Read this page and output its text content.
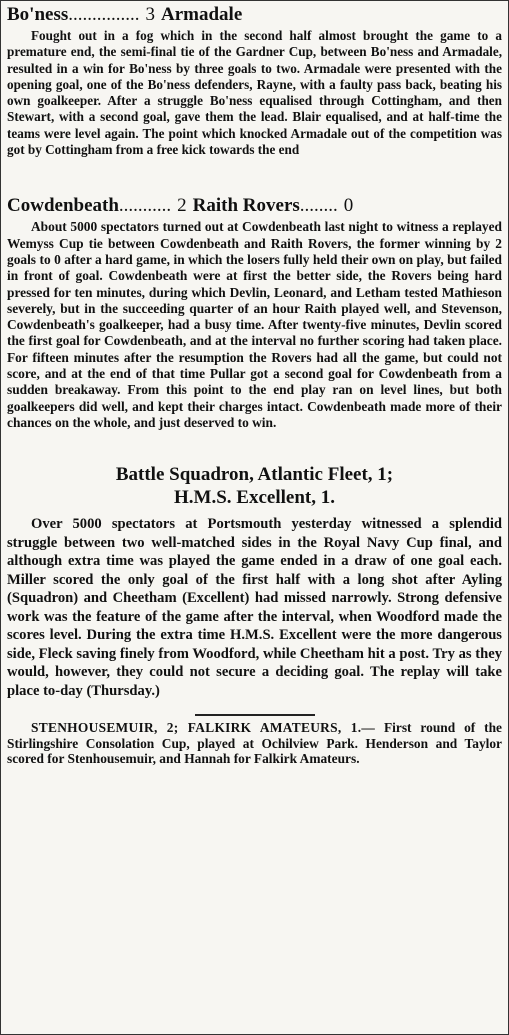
Bo'ness............... 3 Armadale

Fought out in a fog which in the second half almost brought the game to a premature end, the semi-final tie of the Gardner Cup, between Bo'ness and Armadale, resulted in a win for Bo'ness by three goals to two. Armadale were presented with the opening goal, one of the Bo'ness defenders, Rayne, with a faulty pass back, beating his own goalkeeper. After a struggle Bo'ness equalised through Cottingham, and then Stewart, with a second goal, gave them the lead. Blair equalised, and at half-time the teams were level again. The point which knocked Armadale out of the competition was got by Cottingham from a free kick towards the end

Cowdenbeath........... 2 Raith Rovers........ 0

About 5000 spectators turned out at Cowdenbeath last night to witness a replayed Wemyss Cup tie between Cowdenbeath and Raith Rovers, the former winning by 2 goals to 0 after a hard game, in which the losers fully held their own on play, but failed in front of goal. Cowdenbeath were at first the better side, the Rovers being hard pressed for ten minutes, during which Devlin, Leonard, and Letham tested Mathieson severely, but in the succeeding quarter of an hour Raith played well, and Stevenson, Cowdenbeath's goalkeeper, had a busy time. After twenty-five minutes, Devlin scored the first goal for Cowdenbeath, and at the interval no further scoring had taken place. For fifteen minutes after the resumption the Rovers had all the game, but could not score, and at the end of that time Pullar got a second goal for Cowdenbeath from a sudden breakaway. From this point to the end play ran on level lines, but both goalkeepers did well, and kept their charges intact. Cowdenbeath made more of their chances on the whole, and just deserved to win.

Battle Squadron, Atlantic Fleet, 1;

H.M.S. Excellent, 1.

Over 5000 spectators at Portsmouth yesterday witnessed a splendid struggle between two well-matched sides in the Royal Navy Cup final, and although extra time was played the game ended in a draw of one goal each. Miller scored the only goal of the first half with a long shot after Ayling (Squadron) and Cheetham (Excellent) had missed narrowly. Strong defensive work was the feature of the game after the interval, when Woodford made the scores level. During the extra time H.M.S. Excellent were the more dangerous side, Fleck saving finely from Woodford, while Cheetham hit a post. Try as they would, however, they could not secure a deciding goal. The replay will take place to-day (Thursday.)

STENHOUSEMUIR, 2; FALKIRK AMATEURS, 1.— First round of the Stirlingshire Consolation Cup, played at Ochilview Park. Henderson and Taylor scored for Stenhousemuir, and Hannah for Falkirk Amateurs.
